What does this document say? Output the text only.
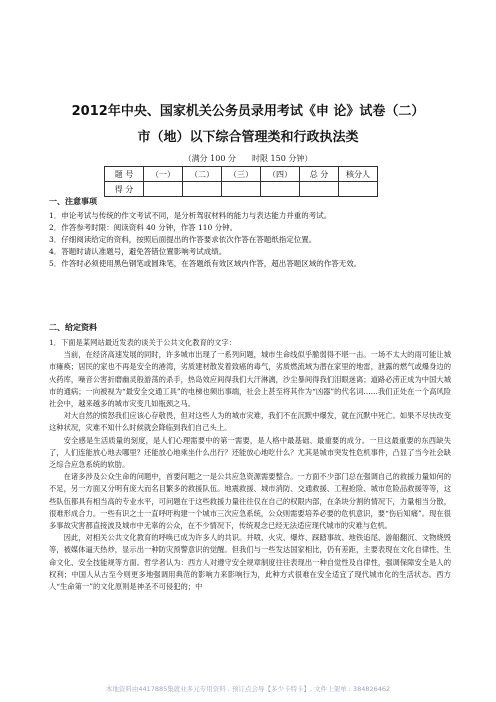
2012年中央、国家机关公务员录用考试《申 论》试卷（二）
市（地）以下综合管理类和行政执法类
（满分 100 分　　时限 150 分钟）
题 号	（一）	（二）	（三）	（四）	总 分	核分人
得 分						
一、注意事项
1．申论考试与传统的作文考试不同，是分析驾驭材料的能力与表达能力并重的考试。
2．作答参考时限：阅读资料 40 分钟，作答 110 分钟。
3．仔细阅读给定的资料，按照后面提出的作答要求依次作答在答题纸指定位置。
4．答题时请认准题号，避免答错位置影响考试成绩。
5．作答时必须使用黑色钢笔或圆珠笔，在答题纸有效区域内作答，超出答题区域的作答无效。
二、给定资料

1．下面是某网站最近发表的谈关于公共文化教育的文字：

当前，在经济高速发展的同时，许多城市出现了一系列问题，城市生命线似乎脆弱得不堪一击。一场不太大的雨可能让城市瘫痪；居民的家也不再是安全的港湾，劣质建材散发着致癌的毒气，劣质燃流域为潜在家里的地雷，泄露的燃气或爆身边的火药库，噪音公害折磨幽灵般游荡的杀手，热岛效应间得我们大汗淋漓，沙尘暴间得我们泪眼迷离；道路必涝正成为中国大城市的通病；一向被视为“最安全交通工具”的电梯也频出事端，社会上甚至将其作为“凶器”的代名词……我们正处在一个高风险社会中，越来越多的城市灾变几如瓶颈之马。

对大自然的愤怒我们应该心存敬畏，但对这些人为的城市灾难，我们不在沉默中爆发，就在沉默中死亡。如果不尽快改变这种状况，灾难不知什么时候就会降临到我们自己头上。

安全感是生活质量的刻度，是人们心理需要中的第一需要，是人格中最基础、最重要的成分。一旦这最重要的东西缺失了，人们连能放心地去哪里？还能放心地乘坐什么出行？还能放心地吃什么？尤其是城市突发性危机事件，凸显了当今社会缺乏综合应急系统的软肋。

在诸多涉及公众生命的问题中，首要问题之一是公共应急资源需要整合。一方面不少部门总在强调自己的救援力量如何的不足，另一方面又分明有庞大而名目繁多的救援队伍。地震救援、城市消防、交通救援、工程抢险、城市危险品救援等等，这些队伍都具有相当高的专业水平，可问题在于这些救援力量往往仅在自己的权限内部，在条块分割的情况下，力量相当分散，很难形成合力。一些有识之士一直呼吁构建一个城市三次应急系统，公众则需要培养必要的危机意识，要“伤后知痛”。现在很多事故灾害都直接波及城市中无辜的公众，在不少情况下，传统观念已经无法适应现代城市的灾难与危机。

因此，对相关公共文化教育的呼唤已成为许多人的共识。井喷、火灾、爆炸、踩踏事故、地铁追尾、游船翻沉、文物烧毁等，被媒体逼天热炒，显示出一种防灾预警意识的觉醒。但我们与一些发达国家相比，仍有差距，主要表现在文化自律性、生命文化、安全技能规等方面。哲学者认为：西方人对遵守安全规章制度往往表现出一种自觉性及自律性，强调保障安全是人的权利；中国人从古至今则更多地强调用典范的影响力来影响行为，此种方式很难在安全适宜了现代城市化的生活状态。西方人“生命第一”的文化原则是神圣不可侵犯的；中

本地资料由4417885集就业多元专用资料 , 预订点会导【多少卡特卡】, 文件上架单 : 384826462
